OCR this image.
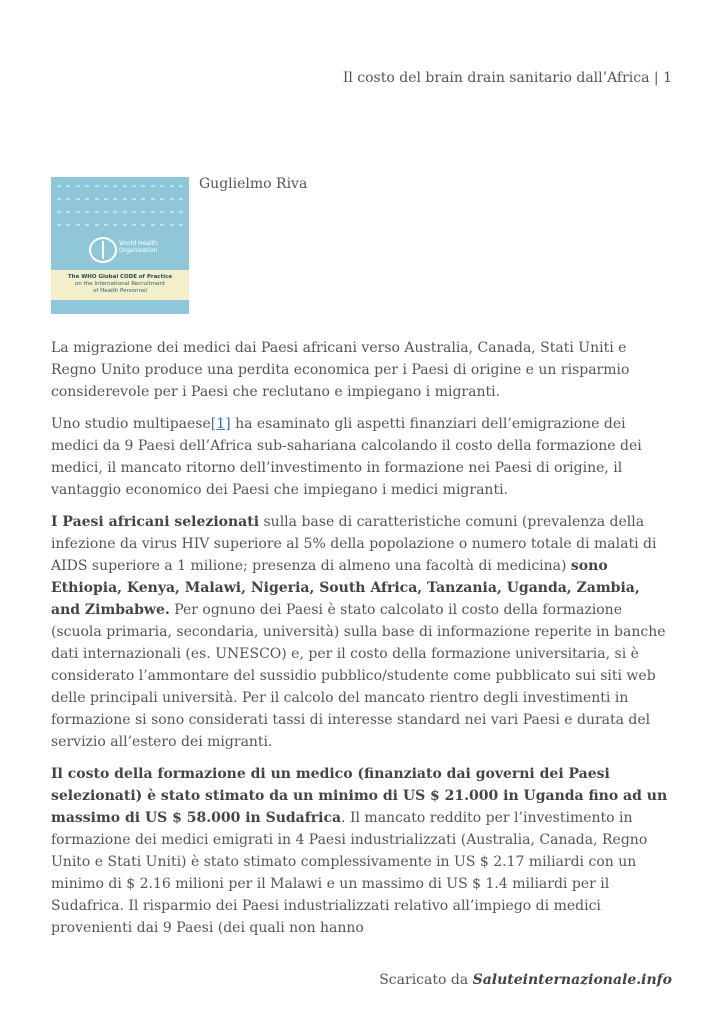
Il costo del brain drain sanitario dall’Africa | 1
World Health
Organization
The WHO Global CODE of Practice
on the International Recruitment
of Health Personnel
Guglielmo Riva

La migrazione dei medici dai Paesi africani verso Australia, Canada, Stati Uniti e Regno Unito produce una perdita economica per i Paesi di origine e un risparmio considerevole per i Paesi che reclutano e impiegano i migranti.

Uno studio multipaese[1] ha esaminato gli aspetti finanziari dell’emigrazione dei medici da 9 Paesi dell’Africa sub-sahariana calcolando il costo della formazione dei medici, il mancato ritorno dell’investimento in formazione nei Paesi di origine, il vantaggio economico dei Paesi che impiegano i medici migranti.

I Paesi africani selezionati sulla base di caratteristiche comuni (prevalenza della infezione da virus HIV superiore al 5% della popolazione o numero totale di malati di AIDS superiore a 1 milione; presenza di almeno una facoltà di medicina) sono Ethiopia, Kenya, Malawi, Nigeria, South Africa, Tanzania, Uganda, Zambia, and Zimbabwe. Per ognuno dei Paesi è stato calcolato il costo della formazione (scuola primaria, secondaria, università) sulla base di informazione reperite in banche dati internazionali (es. UNESCO) e, per il costo della formazione universitaria, si è considerato l’ammontare del sussidio pubblico/studente come pubblicato sui siti web delle principali università. Per il calcolo del mancato rientro degli investimenti in formazione si sono considerati tassi di interesse standard nei vari Paesi e durata del servizio all’estero dei migranti.

Il costo della formazione di un medico (finanziato dai governi dei Paesi selezionati) è stato stimato da un minimo di US $ 21.000 in Uganda fino ad un massimo di US $ 58.000 in Sudafrica. Il mancato reddito per l’investimento in formazione dei medici emigrati in 4 Paesi industrializzati (Australia, Canada, Regno Unito e Stati Uniti) è stato stimato complessivamente in US $ 2.17 miliardi con un minimo di $ 2.16 milioni per il Malawi e un massimo di US $ 1.4 miliardi per il Sudafrica. Il risparmio dei Paesi industrializzati relativo all’impiego di medici provenienti dai 9 Paesi (dei quali non hanno

Scaricato da Saluteinternazionale.info
